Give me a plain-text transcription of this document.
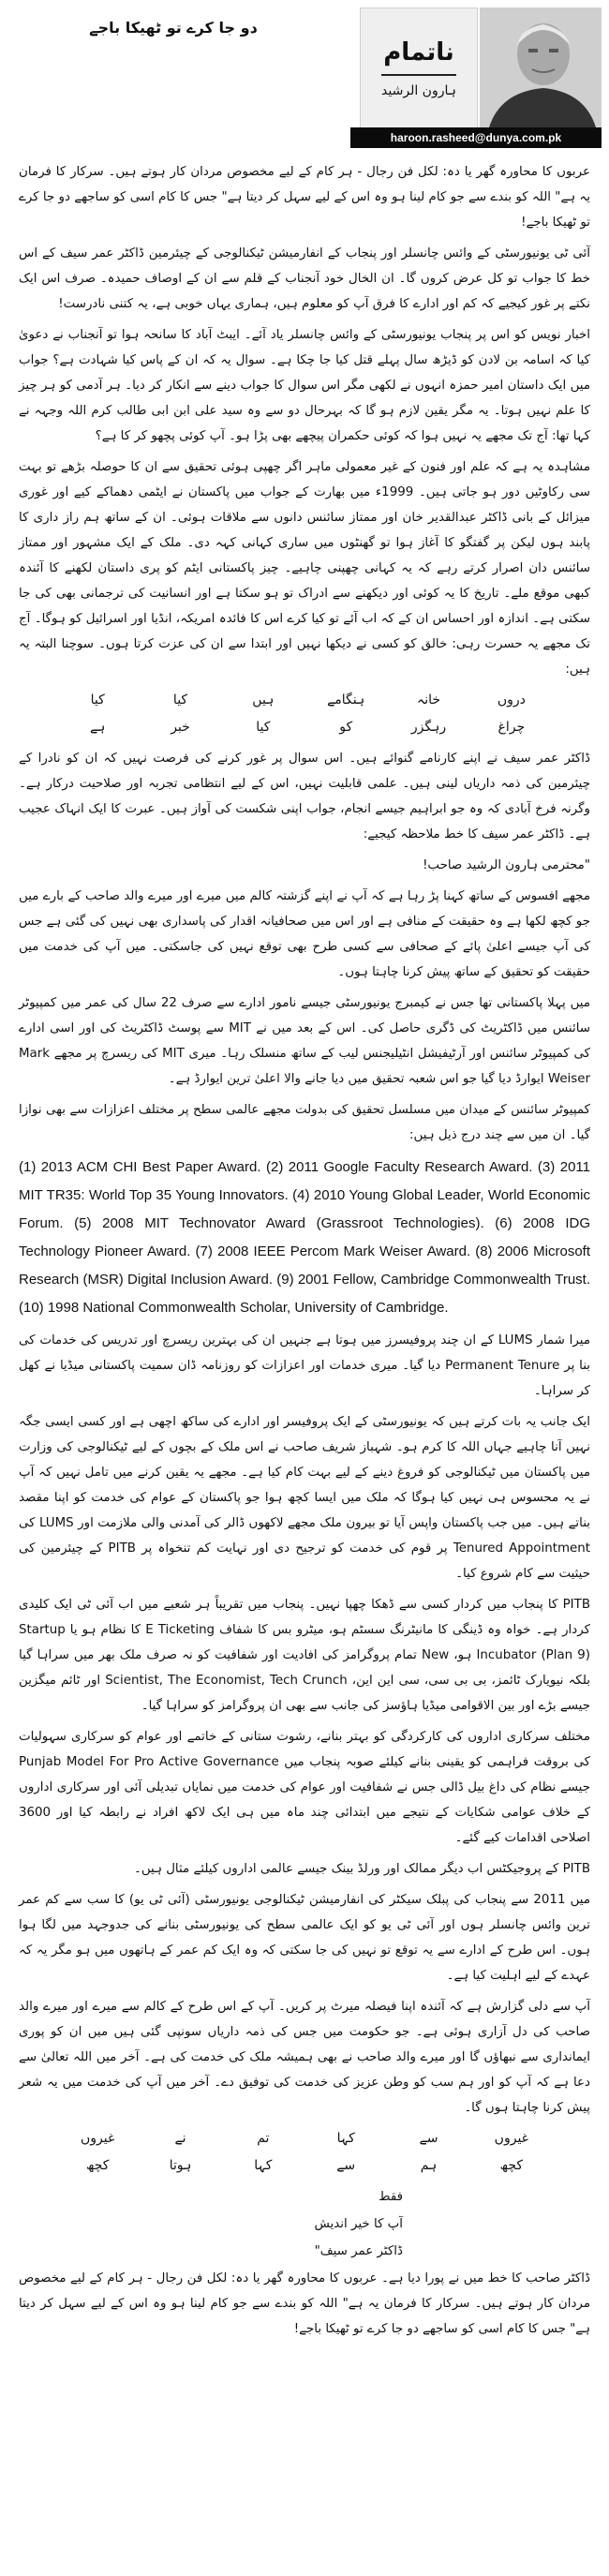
دو جا کرے تو ٹھیکا باجے
ناتمام
ہارون الرشید
haroon.rasheed@dunya.com.pk

عربوں کا محاورہ گھر یا دہ: لکل فن رجال - ہر کام کے لیے مخصوص مردان کار ہوتے ہیں۔ سرکار کا فرمان یہ ہے" اللہ کو بندے سے جو کام لینا ہو وہ اس کے لیے سہل کر دیتا ہے" جس کا کام اسی کو ساجھے دو جا کرے تو ٹھیکا باجے!

آئی ٹی یونیورسٹی کے وائس چانسلر اور پنجاب کے انفارمیشن ٹیکنالوجی کے چیئرمین ڈاکٹر عمر سیف کے اس خط کا جواب تو کل عرض کروں گا۔ ان الخال خود آنجناب کے قلم سے ان کے اوصاف حمیدہ۔ صرف اس ایک نکتے پر غور کیجیے کہ کم اور ادارے کا فرق آپ کو معلوم ہیں، ہماری یہاں خوبی ہے، یہ کتنی نادرست!

اخبار نویس کو اس پر پنجاب یونیورسٹی کے وائس چانسلر یاد آئے۔ ایبٹ آباد کا سانحہ ہوا تو آنجناب نے دعویٰ کیا کہ اسامہ بن لادن کو ڈیڑھ سال پہلے قتل کیا جا چکا ہے۔ سوال یہ کہ ان کے پاس کیا شہادت ہے؟ جواب میں ایک داستان امیر حمزہ انہوں نے لکھی مگر اس سوال کا جواب دینے سے انکار کر دیا۔ ہر آدمی کو ہر چیز کا علم نہیں ہوتا۔ یہ مگر یقین لازم ہو گا کہ بہرحال دو سے وہ سید علی ابن ابی طالب کرم اللہ وجہہ نے کہا تھا: آج تک مجھے یہ نہیں ہوا کہ کوئی حکمران پیچھے بھی پڑا ہو۔ آپ کوئی پچھو کر کا ہے؟

مشاہدہ یہ ہے کہ علم اور فنون کے غیر معمولی ماہر اگر چھپی ہوئی تحقیق سے ان کا حوصلہ بڑھے تو بہت سی رکاوٹیں دور ہو جاتی ہیں۔ 1999ء میں بھارت کے جواب میں پاکستان نے ایٹمی دھماکے کیے اور غوری میزائل کے بانی ڈاکٹر عبدالقدیر خان اور ممتاز سائنس دانوں سے ملاقات ہوئی۔ ان کے ساتھ ہم راز داری کا پابند ہوں لیکن پر گفتگو کا آغاز ہوا تو گھنٹوں میں ساری کہانی کہہ دی۔ ملک کے ایک مشہور اور ممتاز سائنس دان اصرار کرتے رہے کہ یہ کہانی چھپنی چاہیے۔ چیز پاکستانی ایٹم کو پری داستان لکھنے کا آئندہ کبھی موقع ملے۔ تاریخ کا یہ کوئی اور دیکھنے سے ادراک تو ہو سکتا ہے اور انسانیت کی ترجمانی بھی کی جا سکتی ہے۔ اندازہ اور احساس ان کے کہ اب آئے تو کیا کرے اس کا فائدہ امریکہ، انڈیا اور اسرائیل کو ہوگا۔ آج تک مجھے یہ حسرت رہی: خالق کو کسی نے دیکھا نہیں اور ابتدا سے ان کی عزت کرتا ہوں۔ سوچنا البتہ یہ ہیں:

دروں
خانہ
ہنگامے
ہیں
کیا
کیا
چراغ
رہگزر
کو
کیا
خبر
ہے

ڈاکٹر عمر سیف نے اپنے کارنامے گنوائے ہیں۔ اس سوال پر غور کرنے کی فرصت نہیں کہ ان کو نادرا کے چیئرمین کی ذمہ داریاں لینی ہیں۔ علمی قابلیت نہیں، اس کے لیے انتظامی تجربہ اور صلاحیت درکار ہے۔ وگرنہ فرخ آبادی کہ وہ جو ابراہیم جیسے انجام، جواب اپنی شکست کی آواز ہیں۔ عبرت کا ایک انہاک عجیب ہے۔ ڈاکٹر عمر سیف کا خط ملاحظہ کیجیے:

"محترمی ہارون الرشید صاحب!

مجھے افسوس کے ساتھ کہنا پڑ رہا ہے کہ آپ نے اپنے گزشتہ کالم میں میرے اور میرے والد صاحب کے بارے میں جو کچھ لکھا ہے وہ حقیقت کے منافی ہے اور اس میں صحافیانہ اقدار کی پاسداری بھی نہیں کی گئی ہے جس کی آپ جیسے اعلیٰ پائے کے صحافی سے کسی طرح بھی توقع نہیں کی جاسکتی۔ میں آپ کی خدمت میں حقیقت کو تحقیق کے ساتھ پیش کرنا چاہتا ہوں۔

میں پہلا پاکستانی تھا جس نے کیمبرج یونیورسٹی جیسے نامور ادارے سے صرف 22 سال کی عمر میں کمپیوٹر سائنس میں ڈاکٹریٹ کی ڈگری حاصل کی۔ اس کے بعد میں نے MIT سے پوسٹ ڈاکٹریٹ کی اور اسی ادارے کی کمپیوٹر سائنس اور آرٹیفیشل انٹیلیجنس لیب کے ساتھ منسلک رہا۔ میری MIT کی ریسرچ پر مجھے Mark Weiser ایوارڈ دیا گیا جو اس شعبہ تحقیق میں دیا جانے والا اعلیٰ ترین ایوارڈ ہے۔

کمپیوٹر سائنس کے میدان میں مسلسل تحقیق کی بدولت مجھے عالمی سطح پر مختلف اعزازات سے بھی نوازا گیا۔ ان میں سے چند درج ذیل ہیں:

(1) 2013 ACM CHI Best Paper Award. (2) 2011 Google Faculty Research Award. (3) 2011 MIT TR35: World Top 35 Young Innovators. (4) 2010 Young Global Leader, World Economic Forum. (5) 2008 MIT Technovator Award (Grassroot Technologies). (6) 2008 IDG Technology Pioneer Award. (7) 2008 IEEE Percom Mark Weiser Award. (8) 2006 Microsoft Research (MSR) Digital Inclusion Award. (9) 2001 Fellow, Cambridge Commonwealth Trust. (10) 1998 National Commonwealth Scholar, University of Cambridge.

میرا شمار LUMS کے ان چند پروفیسرز میں ہوتا ہے جنہیں ان کی بہترین ریسرچ اور تدریس کی خدمات کی بنا پر Permanent Tenure دیا گیا۔ میری خدمات اور اعزازات کو روزنامہ ڈان سمیت پاکستانی میڈیا نے کھل کر سراہا۔

ایک جانب یہ بات کرتے ہیں کہ یونیورسٹی کے ایک پروفیسر اور ادارے کی ساکھ اچھی ہے اور کسی ایسی جگہ نہیں آنا چاہیے جہاں اللہ کا کرم ہو۔ شہباز شریف صاحب نے اس ملک کے بچوں کے لیے ٹیکنالوجی کی وزارت میں پاکستان میں ٹیکنالوجی کو فروغ دینے کے لیے بہت کام کیا ہے۔ مجھے یہ یقین کرنے میں تامل نہیں کہ آپ نے یہ محسوس ہی نہیں کیا ہوگا کہ ملک میں ایسا کچھ ہوا جو پاکستان کے عوام کی خدمت کو اپنا مقصد بناتے ہیں۔ میں جب پاکستان واپس آیا تو بیرون ملک مجھے لاکھوں ڈالر کی آمدنی والی ملازمت اور LUMS کی Tenured Appointment پر قوم کی خدمت کو ترجیح دی اور نہایت کم تنخواہ پر PITB کے چیئرمین کی حیثیت سے کام شروع کیا۔

PITB کا پنجاب میں کردار کسی سے ڈھکا چھپا نہیں۔ پنجاب میں تقریباً ہر شعبے میں اب آئی ٹی ایک کلیدی کردار ہے۔ خواہ وہ ڈینگی کا مانیٹرنگ سسٹم ہو، میٹرو بس کا شفاف E Ticketing کا نظام ہو یا Startup Incubator (Plan 9) ہو، New تمام پروگرامز کی افادیت اور شفافیت کو نہ صرف ملک بھر میں سراہا گیا بلکہ نیویارک ٹائمز، بی بی سی، سی این این، Scientist, The Economist, Tech Crunch اور ٹائم میگزین جیسے بڑے اور بین الاقوامی میڈیا ہاؤسز کی جانب سے بھی ان پروگرامز کو سراہا گیا۔

مختلف سرکاری اداروں کی کارکردگی کو بہتر بنانے، رشوت ستانی کے خاتمے اور عوام کو سرکاری سہولیات کی بروقت فراہمی کو یقینی بنانے کیلئے صوبہ پنجاب میں Punjab Model For Pro Active Governance جیسے نظام کی داغ بیل ڈالی جس نے شفافیت اور عوام کی خدمت میں نمایاں تبدیلی آئی اور سرکاری اداروں کے خلاف عوامی شکایات کے نتیجے میں ابتدائی چند ماہ میں ہی ایک لاکھ افراد نے رابطہ کیا اور 3600 اصلاحی اقدامات کیے گئے۔

PITB کے پروجیکٹس اب دیگر ممالک اور ورلڈ بینک جیسے عالمی اداروں کیلئے مثال ہیں۔

میں 2011 سے پنجاب کی پبلک سیکٹر کی انفارمیشن ٹیکنالوجی یونیورسٹی (آئی ٹی یو) کا سب سے کم عمر ترین وائس چانسلر ہوں اور آئی ٹی یو کو ایک عالمی سطح کی یونیورسٹی بنانے کی جدوجہد میں لگا ہوا ہوں۔ اس طرح کے ادارے سے یہ توقع تو نہیں کی جا سکتی کہ وہ ایک کم عمر کے ہاتھوں میں ہو مگر یہ کہ عہدے کے لیے اہلیت کیا ہے۔

آپ سے دلی گزارش ہے کہ آئندہ اپنا فیصلہ میرٹ پر کریں۔ آپ کے اس طرح کے کالم سے میرے اور میرے والد صاحب کی دل آزاری ہوئی ہے۔ جو حکومت میں جس کی ذمہ داریاں سونپی گئی ہیں میں ان کو پوری ایمانداری سے نبھاؤں گا اور میرے والد صاحب نے بھی ہمیشہ ملک کی خدمت کی ہے۔ آخر میں اللہ تعالیٰ سے دعا ہے کہ آپ کو اور ہم سب کو وطن عزیز کی خدمت کی توفیق دے۔ آخر میں آپ کی خدمت میں یہ شعر پیش کرنا چاہتا ہوں گا۔

غیروں
سے
کہا
تم
نے
غیروں
کچھ
ہم
سے
کہا
ہوتا
کچھ
فقط
آپ کا خیر اندیش
ڈاکٹر عمر سیف"

ڈاکٹر صاحب کا خط میں نے پورا دیا ہے۔ عربوں کا محاورہ گھر یا دہ: لکل فن رجال - ہر کام کے لیے مخصوص مردان کار ہوتے ہیں۔ سرکار کا فرمان یہ ہے" اللہ کو بندے سے جو کام لینا ہو وہ اس کے لیے سہل کر دیتا ہے" جس کا کام اسی کو ساجھے دو جا کرے تو ٹھیکا باجے!
